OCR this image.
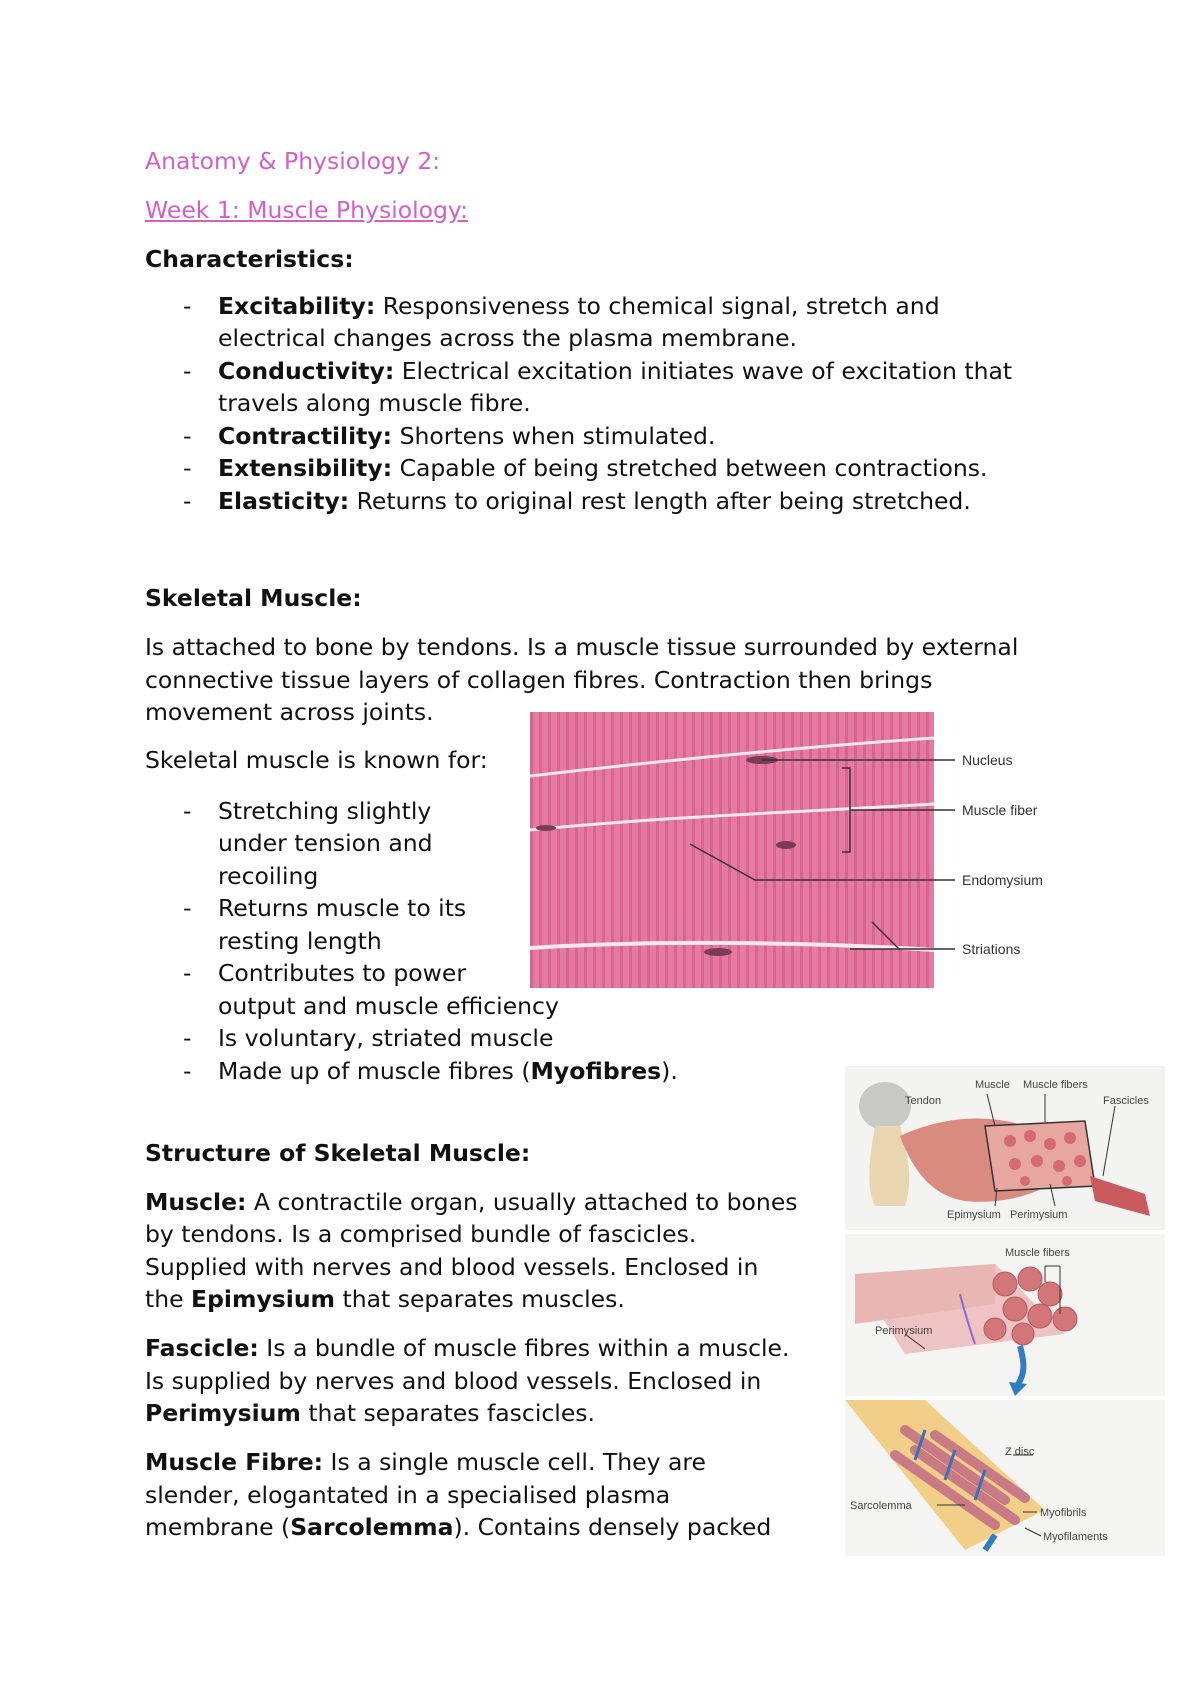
Anatomy & Physiology 2:
Week 1: Muscle Physiology:
Characteristics:
- Excitability: Responsiveness to chemical signal, stretch and
electrical changes across the plasma membrane.
- Conductivity: Electrical excitation initiates wave of excitation that
travels along muscle fibre.
- Contractility: Shortens when stimulated.
- Extensibility: Capable of being stretched between contractions.
- Elasticity: Returns to original rest length after being stretched.
Skeletal Muscle:
Is attached to bone by tendons. Is a muscle tissue surrounded by external
connective tissue layers of collagen fibres. Contraction then brings
movement across joints.
Skeletal muscle is known for:
- Stretching slightly
under tension and
recoiling
- Returns muscle to its
resting length
- Contributes to power
output and muscle efficiency
- Is voluntary, striated muscle
- Made up of muscle fibres (Myofibres).
Nucleus
Muscle fiber
Endomysium
Striations
Structure of Skeletal Muscle:
Muscle: A contractile organ, usually attached to bones
by tendons. Is a comprised bundle of fascicles.
Supplied with nerves and blood vessels. Enclosed in
the Epimysium that separates muscles.
Fascicle: Is a bundle of muscle fibres within a muscle.
Is supplied by nerves and blood vessels. Enclosed in
Perimysium that separates fascicles.
Muscle Fibre: Is a single muscle cell. They are
slender, elogantated in a specialised plasma
membrane (Sarcolemma). Contains densely packed
Muscle Muscle fibers
Tendon	Fascicles
Epimysium Perimysium
Muscle fibers
Perimysium
Z disc
Sarcolemma
Myofibrils
Myofilaments
